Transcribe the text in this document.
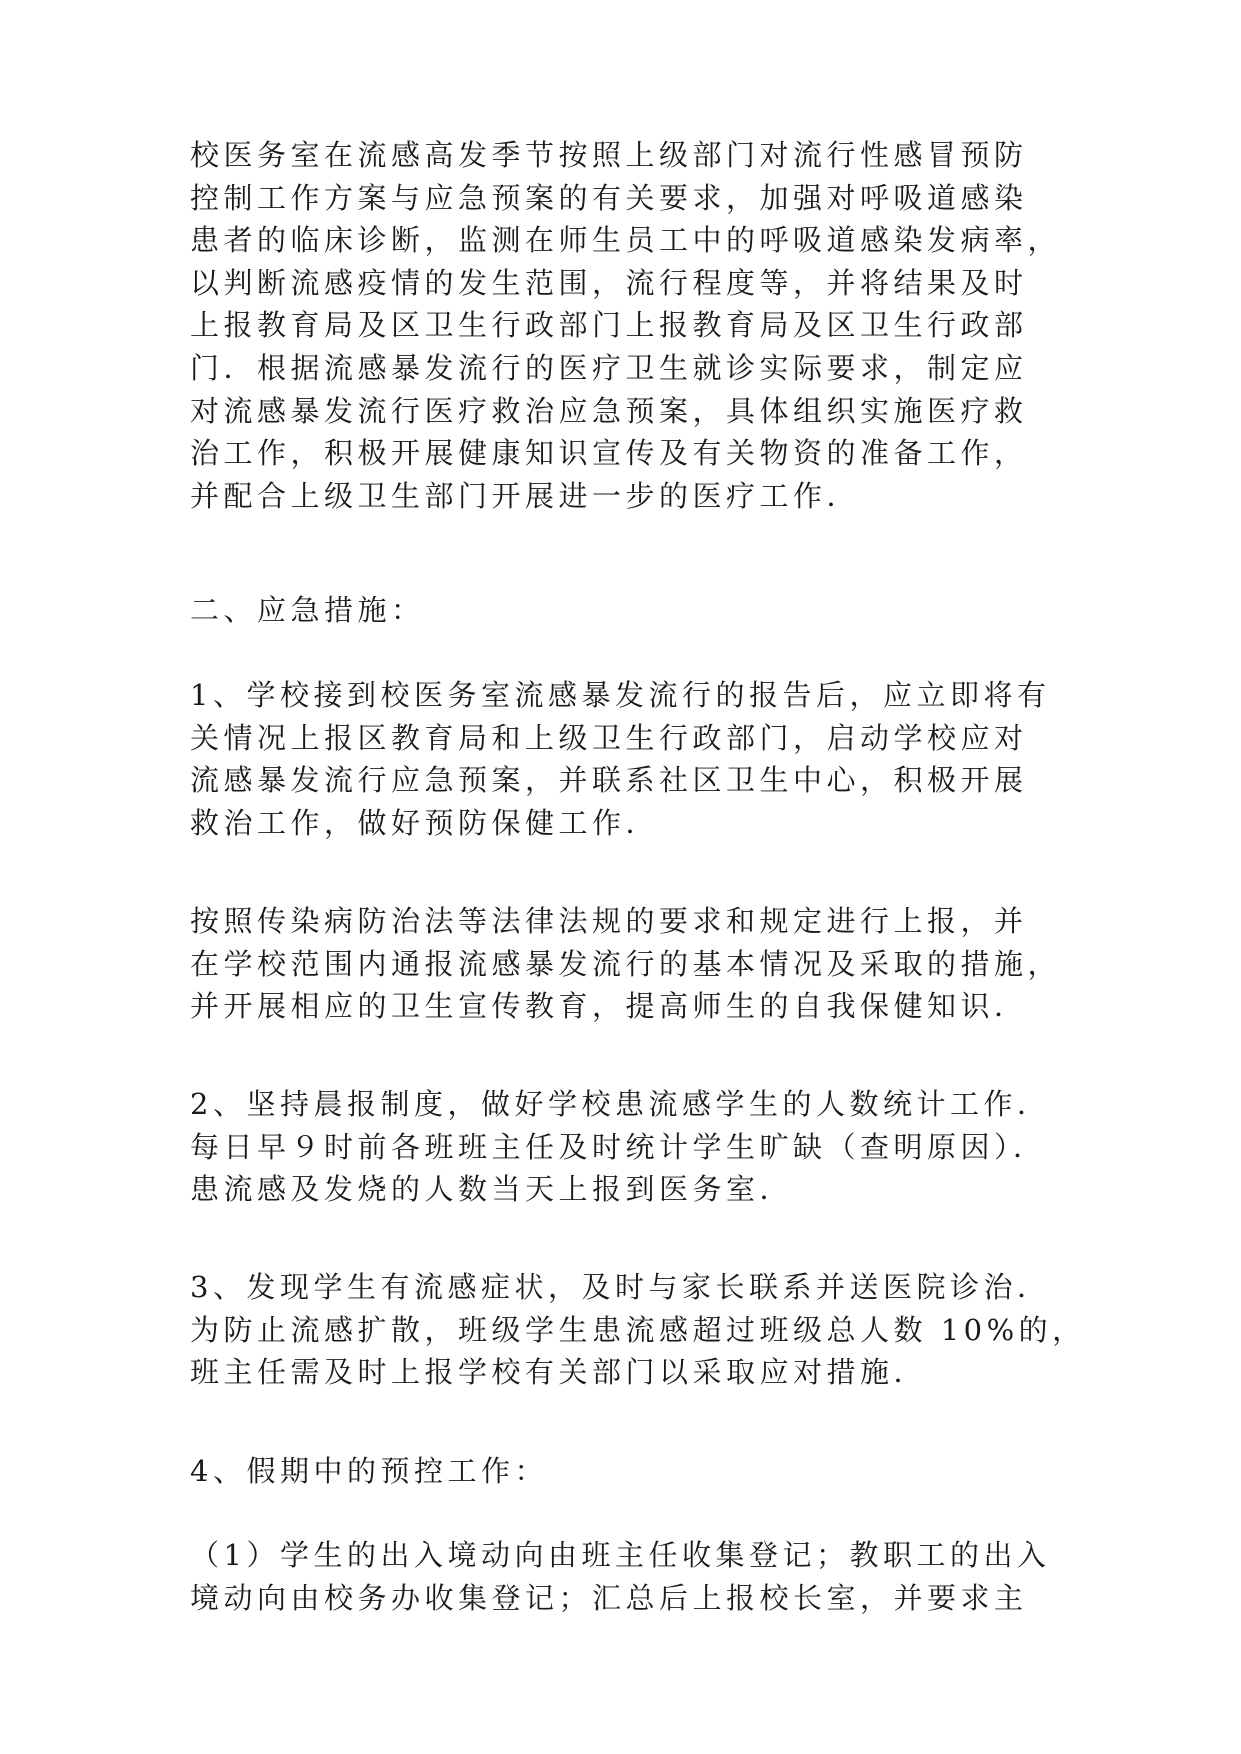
校医务室在流感高发季节按照上级部门对流行性感冒预防
控制工作方案与应急预案的有关要求，加强对呼吸道感染
患者的临床诊断，监测在师生员工中的呼吸道感染发病率，
以判断流感疫情的发生范围，流行程度等，并将结果及时
上报教育局及区卫生行政部门上报教育局及区卫生行政部
门．根据流感暴发流行的医疗卫生就诊实际要求，制定应
对流感暴发流行医疗救治应急预案，具体组织实施医疗救
治工作，积极开展健康知识宣传及有关物资的准备工作，
并配合上级卫生部门开展进一步的医疗工作．
二、应急措施：
1、学校接到校医务室流感暴发流行的报告后，应立即将有
关情况上报区教育局和上级卫生行政部门，启动学校应对
流感暴发流行应急预案，并联系社区卫生中心，积极开展
救治工作，做好预防保健工作．
按照传染病防治法等法律法规的要求和规定进行上报，并
在学校范围内通报流感暴发流行的基本情况及采取的措施，
并开展相应的卫生宣传教育，提高师生的自我保健知识．
2、坚持晨报制度，做好学校患流感学生的人数统计工作．
每日早９时前各班班主任及时统计学生旷缺（查明原因）．
患流感及发烧的人数当天上报到医务室．
3、发现学生有流感症状，及时与家长联系并送医院诊治．
为防止流感扩散，班级学生患流感超过班级总人数 10%的，
班主任需及时上报学校有关部门以采取应对措施．
4、假期中的预控工作：
（1）学生的出入境动向由班主任收集登记；教职工的出入
境动向由校务办收集登记；汇总后上报校长室，并要求主
